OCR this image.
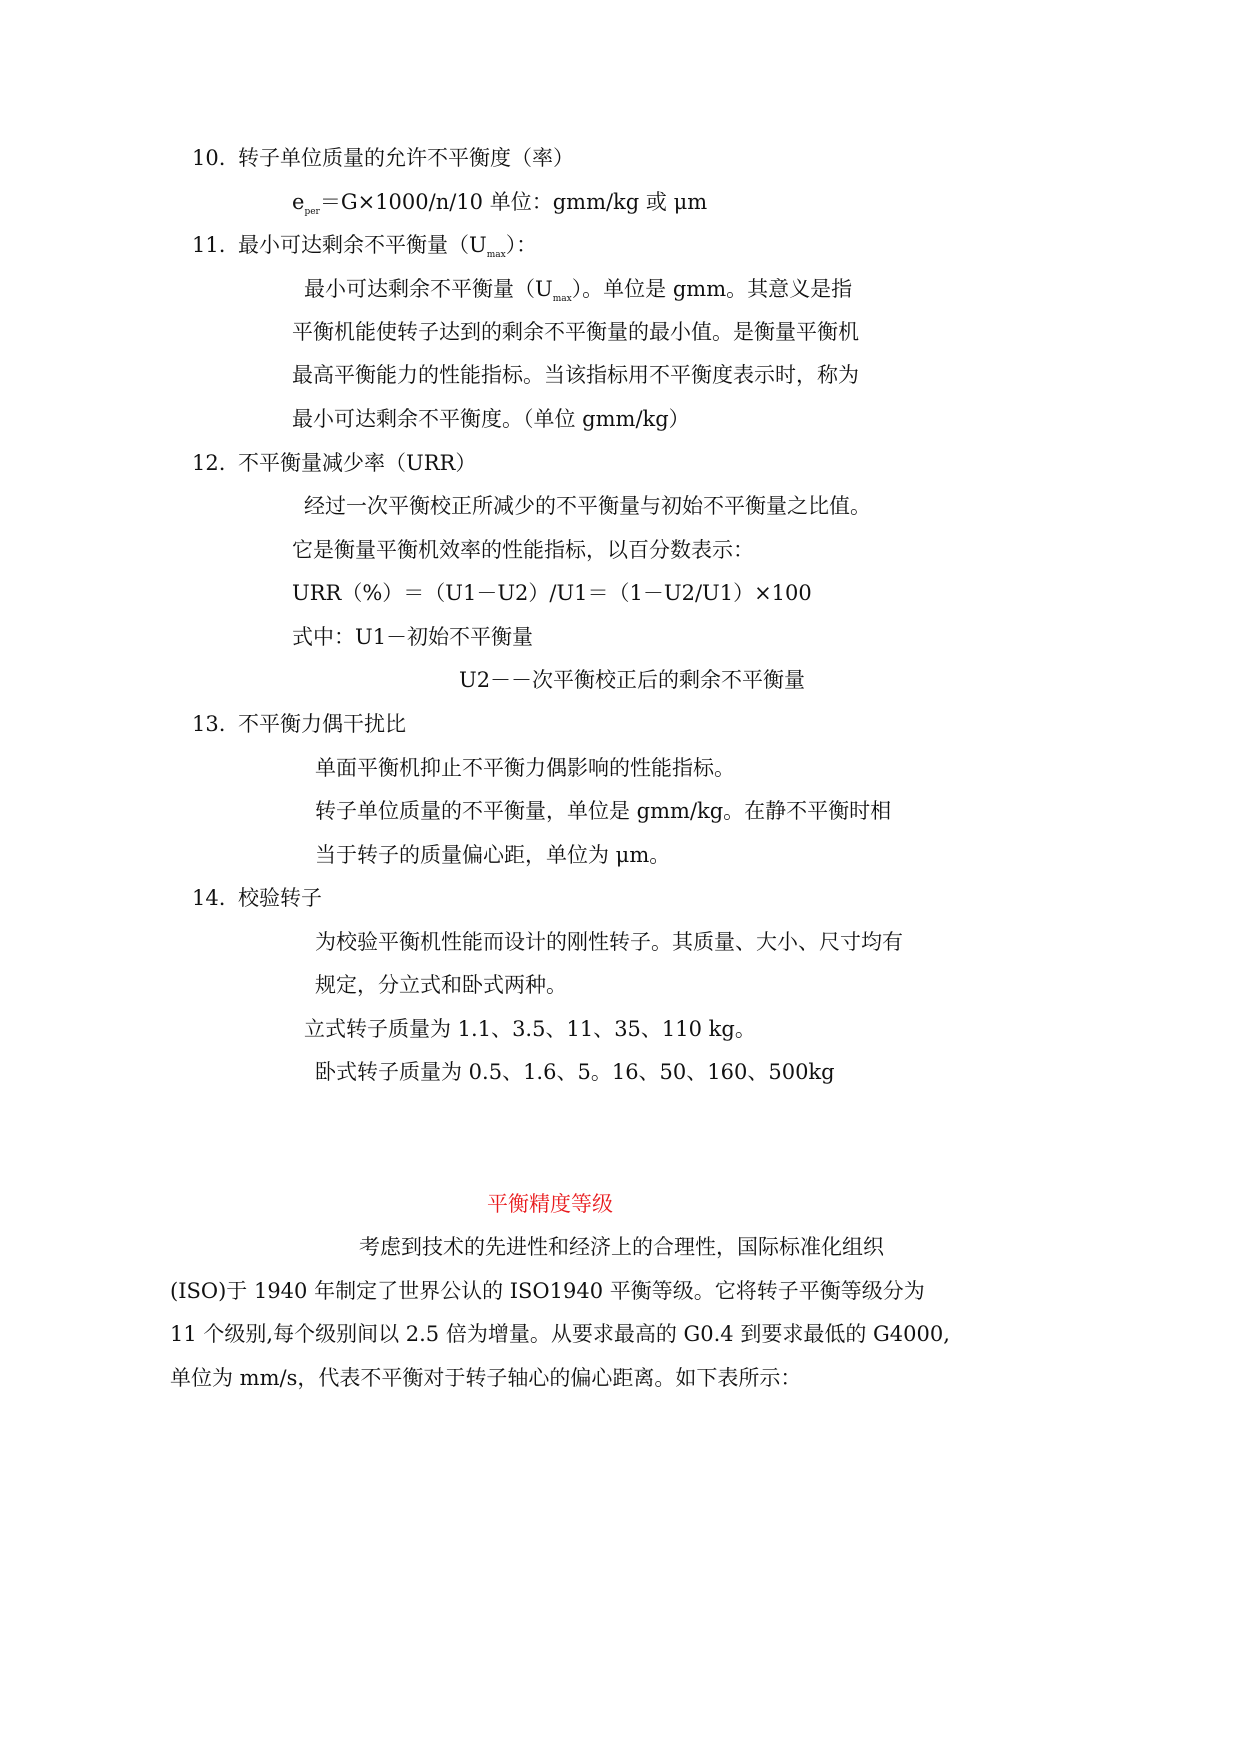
10. 转子单位质量的允许不平衡度（率）
$e_{per}=G\times 1000/n/10$ 单位：gmm/kg 或 μm
11. 最小可达剩余不平衡量$(U_{max})$：
最小可达剩余不平衡量$(U_{max})$。单位是 gmm。其意义是指
平衡机能使转子达到的剩余不平衡量的最小值。是衡量平衡机
最高平衡能力的性能指标。当该指标用不平衡度表示时，称为
最小可达剩余不平衡度。（单位 gmm/kg）
12. 不平衡量减少率（URR）
经过一次平衡校正所减少的不平衡量与初始不平衡量之比值。
它是衡量平衡机效率的性能指标，以百分数表示：
URR（%）＝（U1－U2）/U1＝（1－U2/U1）×100
式中：U1－初始不平衡量
U2－－次平衡校正后的剩余不平衡量
13. 不平衡力偶干扰比
单面平衡机抑止不平衡力偶影响的性能指标。
转子单位质量的不平衡量，单位是 gmm/kg。在静不平衡时相
当于转子的质量偏心距，单位为 μm。
14. 校验转子
为校验平衡机性能而设计的刚性转子。其质量、大小、尺寸均有
规定，分立式和卧式两种。
立式转子质量为 1.1、3.5、11、35、110 kg。
卧式转子质量为 0.5、1.6、5。16、50、160、500kg
平衡精度等级
考虑到技术的先进性和经济上的合理性，国际标准化组织
(ISO)于 1940 年制定了世界公认的 ISO1940 平衡等级。它将转子平衡等级分为
11 个级别,每个级别间以 2.5 倍为增量。从要求最高的 G0.4 到要求最低的 G4000,
单位为 mm/s，代表不平衡对于转子轴心的偏心距离。如下表所示：
